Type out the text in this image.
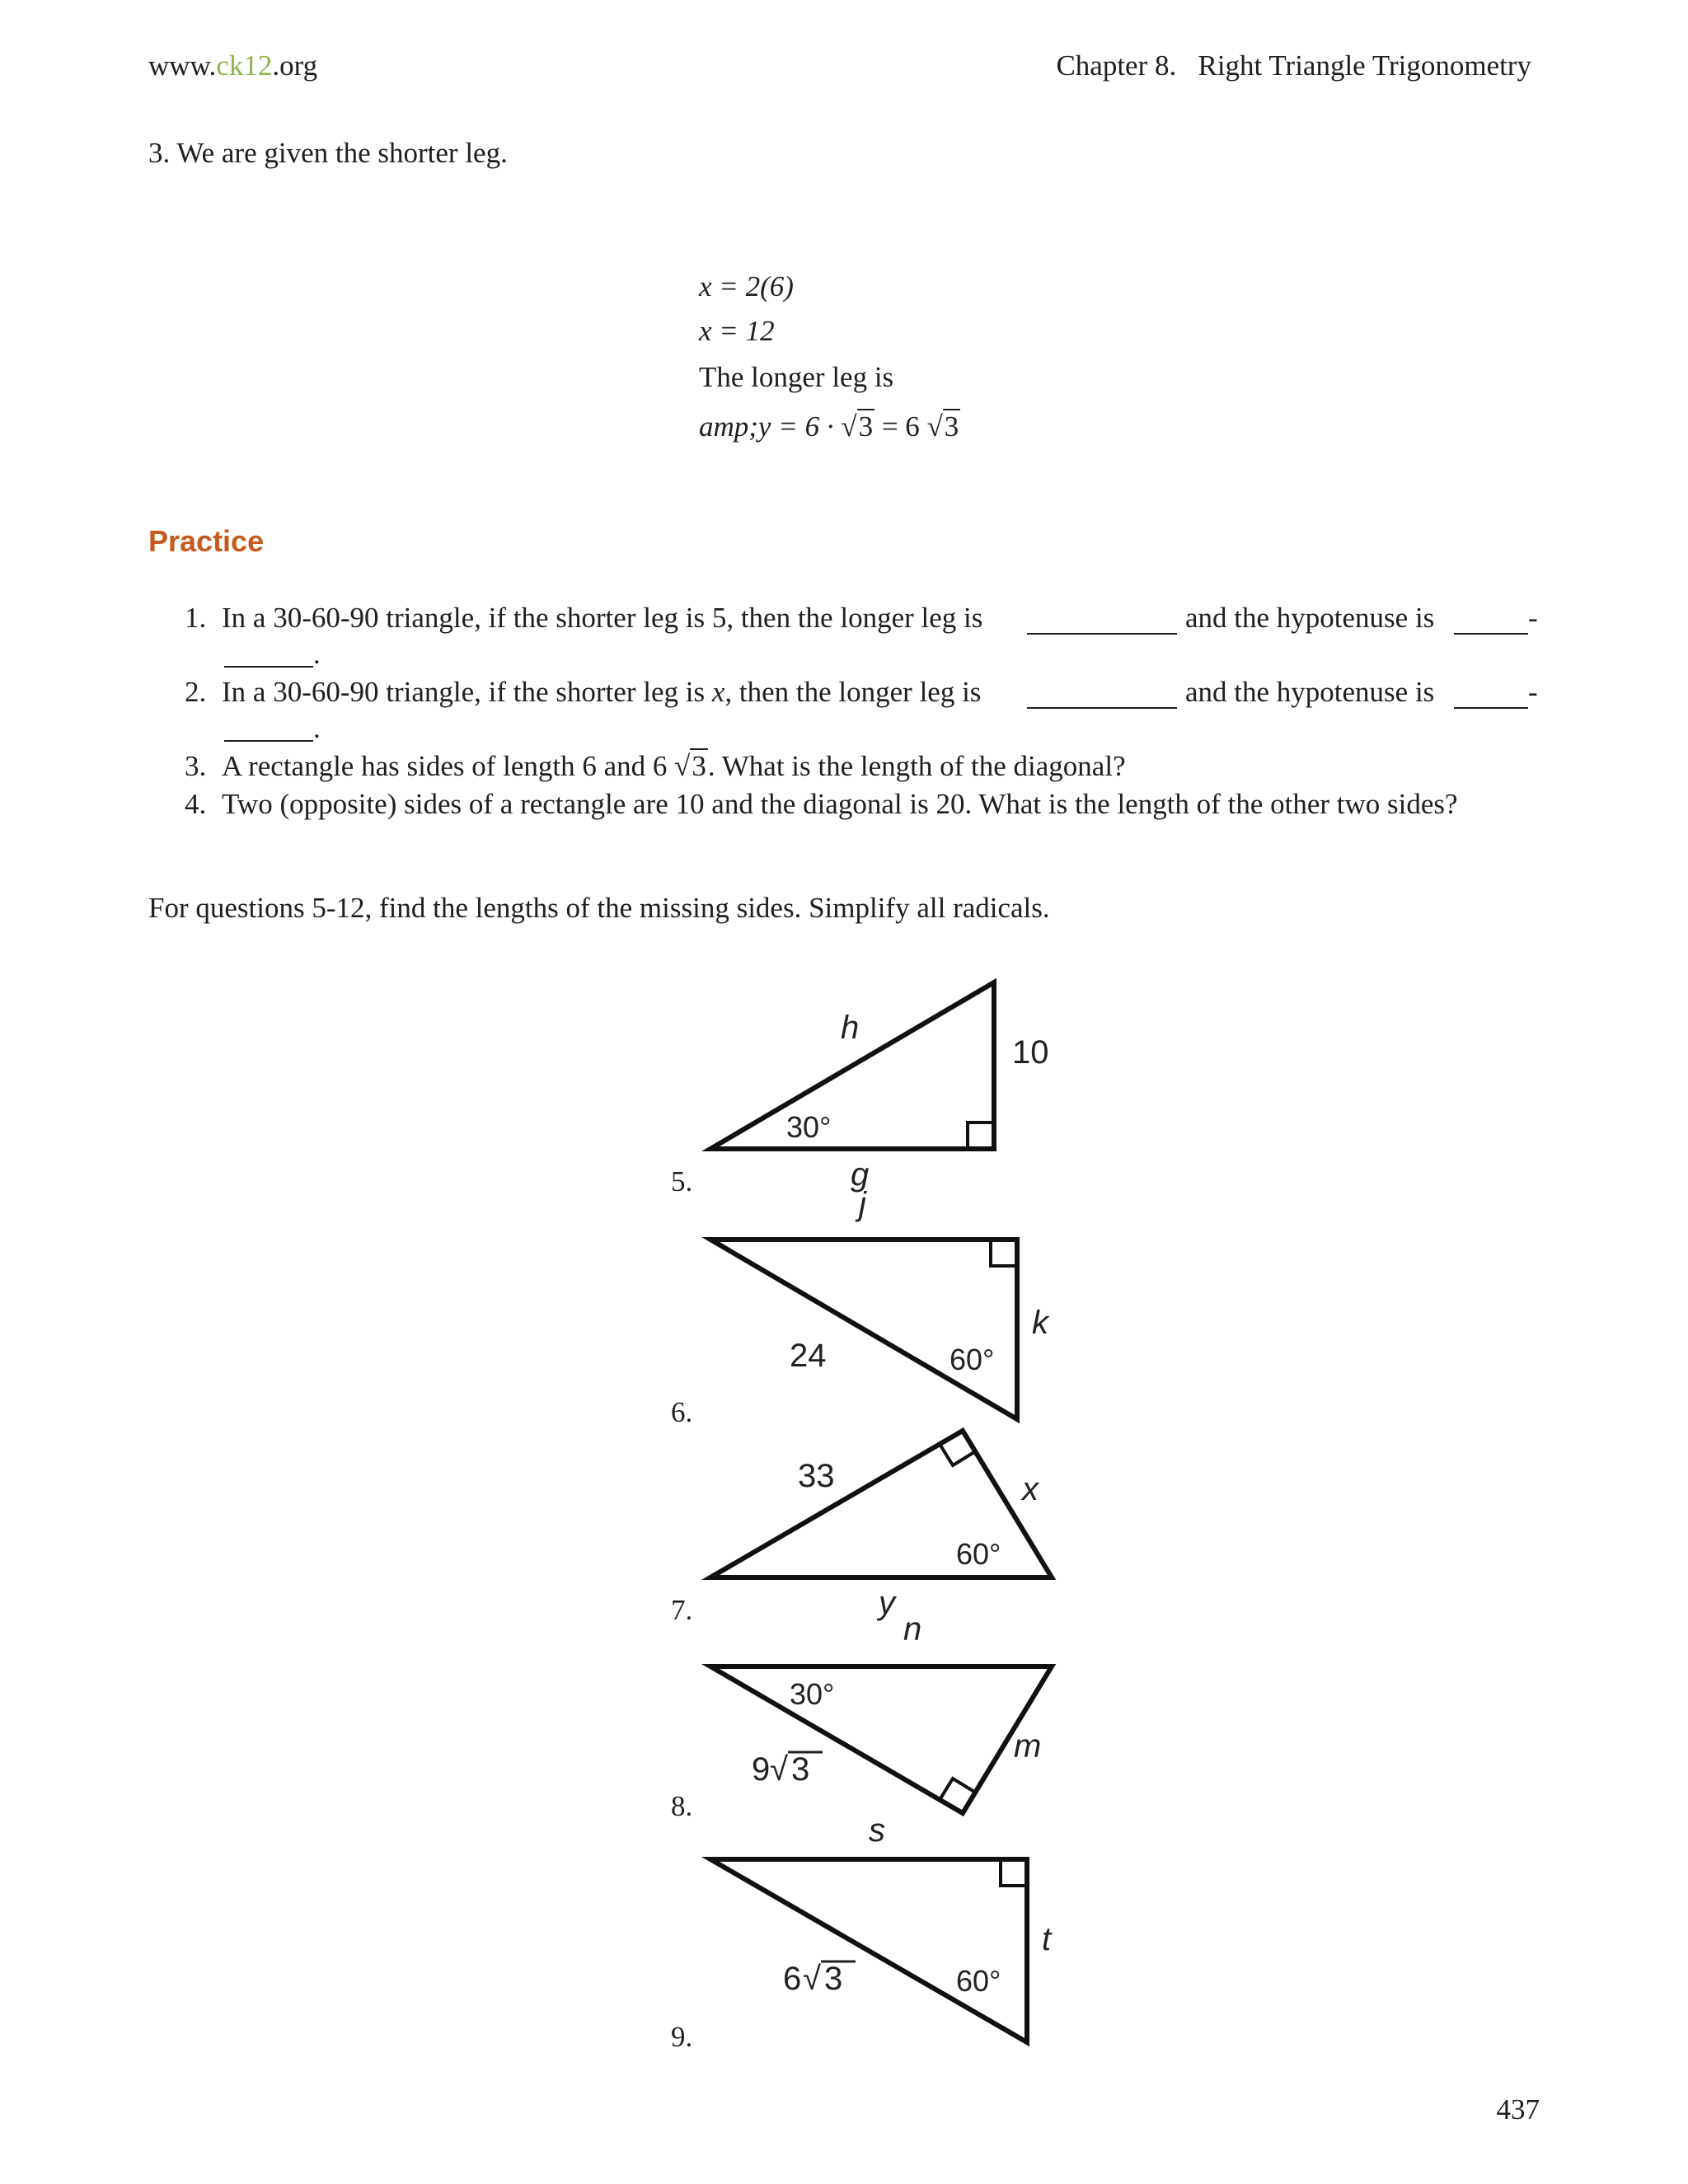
www.ck12.org	Chapter 8.   Right Triangle Trigonometry
3. We are given the shorter leg.
x = 2(6)
x = 12
The longer leg is
amp;y = 6 · √3 = 6 √3
Practice
1. In a 30-60-90 triangle, if the shorter leg is 5, then the longer leg is	and the hypotenuse is	-
.
2. In a 30-60-90 triangle, if the shorter leg is x, then the longer leg is	and the hypotenuse is	-
.
3. A rectangle has sides of length 6 and 6 √3. What is the length of the diagonal?
4. Two (opposite) sides of a rectangle are 10 and the diagonal is 20. What is the length of the other two sides?
For questions 5-12, find the lengths of the missing sides. Simplify all radicals.
5.
6.
7.
8.
9.
h
10
30°
g
j
k
24	60°
33	x
60°
y
n
30°
m
9 √ 3
s
t
6 √ 3	60°
437
